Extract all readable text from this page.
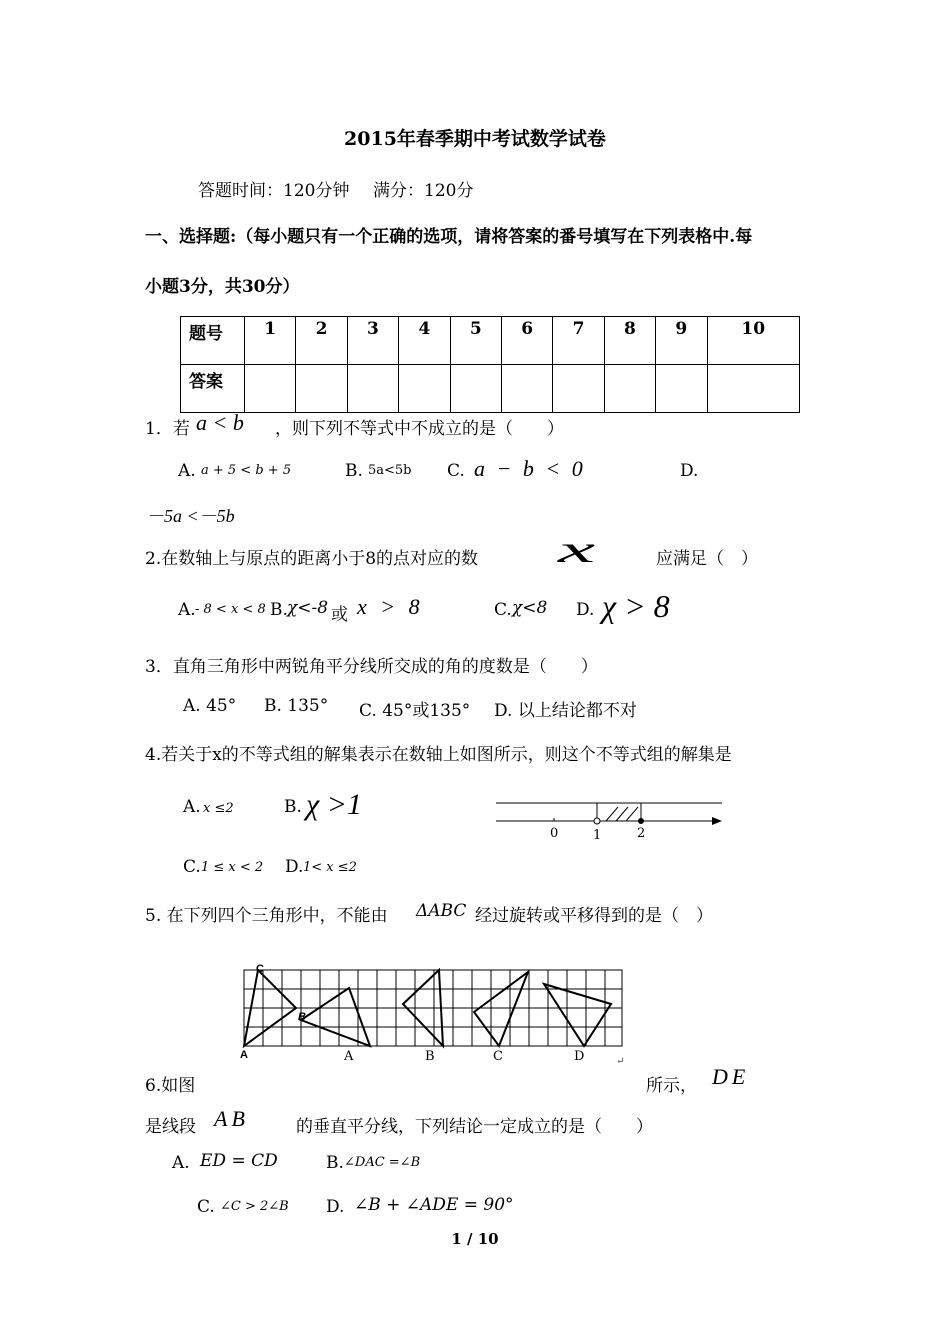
2015年春季期中考试数学试卷
答题时间：120分钟 满分：120分
一、选择题:（每小题只有一个正确的选项，请将答案的番号填写在下列表格中.每
小题3分，共30分）
题号	1	2	3	4	5	6	7	8	9	10
答案										
1．若 a < b ，则下列不等式中不成立的是（　　）
A. a + 5 < b + 5	B. 5a<5b C. a − b < 0	D.
－5a <－5b
2.在数轴上与原点的距离小于8的点对应的数 x	应满足（　）
A. - 8 < x < 8 B. χ<-8 或 x > 8	C. χ<8 D. χ > 8
3．直角三角形中两锐角平分线所交成的角的度数是（　　）
A. 45° B. 135° C. 45°或135° D. 以上结论都不对
4.若关于x的不等式组的解集表示在数轴上如图所示，则这个不等式组的解集是
A. x ≤2	B. χ >1
0	1	2
C. 1 ≤ x < 2 D. 1< x ≤2
5. 在下列四个三角形中，不能由 ΔABC 经过旋转或平移得到的是（　）
C
B
A	A	B	C	D	↵
6.如图	所示， DE
是线段 AB	的垂直平分线，下列结论一定成立的是（　　）
A. ED = CD	B. ∠DAC =∠B
C. ∠C > 2∠B D. ∠B + ∠ADE = 90°
1 / 10
